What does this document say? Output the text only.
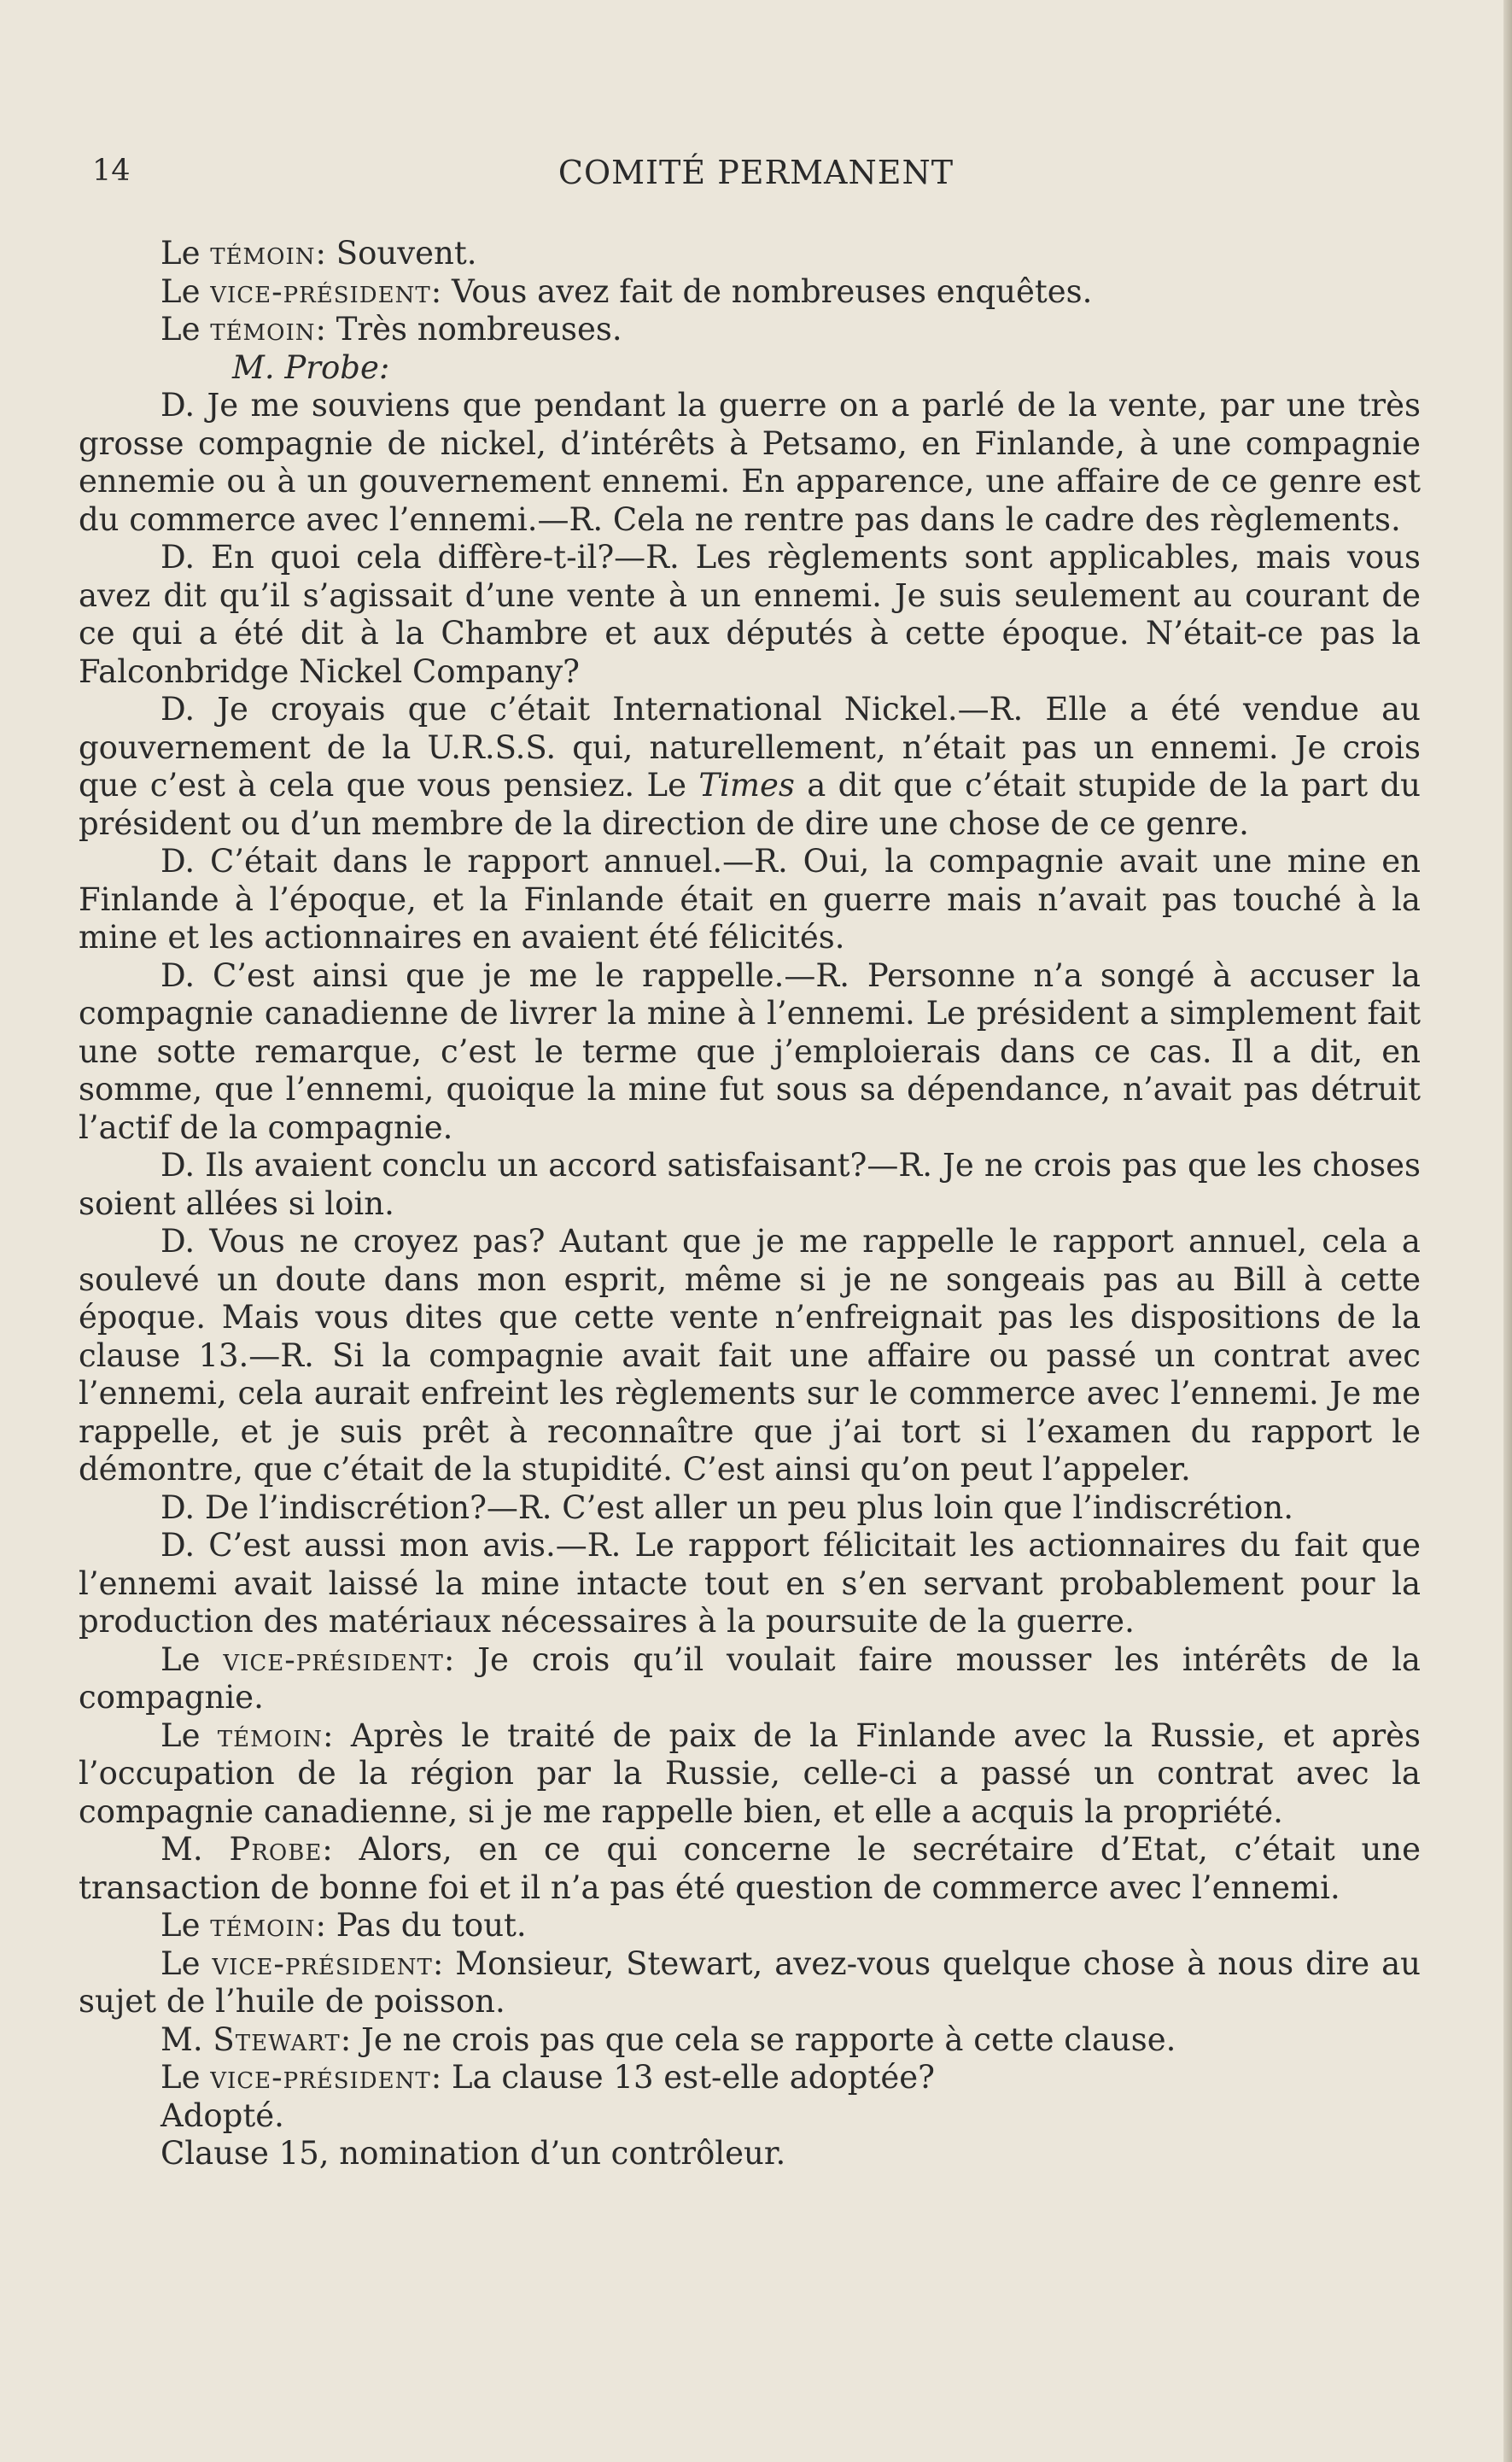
14	COMITÉ PERMANENT

Le témoin: Souvent.

Le vice-président: Vous avez fait de nombreuses enquêtes.

Le témoin: Très nombreuses.

M. Probe:

D. Je me souviens que pendant la guerre on a parlé de la vente, par une très grosse compagnie de nickel, d’intérêts à Petsamo, en Finlande, à une compagnie ennemie ou à un gouvernement ennemi. En apparence, une affaire de ce genre est du commerce avec l’ennemi.—R. Cela ne rentre pas dans le cadre des règlements.

D. En quoi cela diffère-t-il?—R. Les règlements sont applicables, mais vous avez dit qu’il s’agissait d’une vente à un ennemi. Je suis seulement au courant de ce qui a été dit à la Chambre et aux députés à cette époque. N’était-ce pas la Falconbridge Nickel Company?

D. Je croyais que c’était International Nickel.—R. Elle a été vendue au gouvernement de la U.R.S.S. qui, naturellement, n’était pas un ennemi. Je crois que c’est à cela que vous pensiez. Le Times a dit que c’était stupide de la part du président ou d’un membre de la direction de dire une chose de ce genre.

D. C’était dans le rapport annuel.—R. Oui, la compagnie avait une mine en Finlande à l’époque, et la Finlande était en guerre mais n’avait pas touché à la mine et les actionnaires en avaient été félicités.

D. C’est ainsi que je me le rappelle.—R. Personne n’a songé à accuser la compagnie canadienne de livrer la mine à l’ennemi. Le président a simplement fait une sotte remarque, c’est le terme que j’emploierais dans ce cas. Il a dit, en somme, que l’ennemi, quoique la mine fut sous sa dépendance, n’avait pas détruit l’actif de la compagnie.

D. Ils avaient conclu un accord satisfaisant?—R. Je ne crois pas que les choses soient allées si loin.

D. Vous ne croyez pas? Autant que je me rappelle le rapport annuel, cela a soulevé un doute dans mon esprit, même si je ne songeais pas au Bill à cette époque. Mais vous dites que cette vente n’enfreignait pas les dispositions de la clause 13.—R. Si la compagnie avait fait une affaire ou passé un contrat avec l’ennemi, cela aurait enfreint les règlements sur le commerce avec l’ennemi. Je me rappelle, et je suis prêt à reconnaître que j’ai tort si l’examen du rapport le démontre, que c’était de la stupidité. C’est ainsi qu’on peut l’appeler.

D. De l’indiscrétion?—R. C’est aller un peu plus loin que l’indiscrétion.

D. C’est aussi mon avis.—R. Le rapport félicitait les actionnaires du fait que l’ennemi avait laissé la mine intacte tout en s’en servant probablement pour la production des matériaux nécessaires à la poursuite de la guerre.

Le vice-président: Je crois qu’il voulait faire mousser les intérêts de la compagnie.

Le témoin: Après le traité de paix de la Finlande avec la Russie, et après l’occupation de la région par la Russie, celle-ci a passé un contrat avec la compagnie canadienne, si je me rappelle bien, et elle a acquis la propriété.

M. Probe: Alors, en ce qui concerne le secrétaire d’Etat, c’était une transaction de bonne foi et il n’a pas été question de commerce avec l’ennemi.

Le témoin: Pas du tout.

Le vice-président: Monsieur, Stewart, avez-vous quelque chose à nous dire au sujet de l’huile de poisson.

M. Stewart: Je ne crois pas que cela se rapporte à cette clause.

Le vice-président: La clause 13 est-elle adoptée?

Adopté.

Clause 15, nomination d’un contrôleur.
